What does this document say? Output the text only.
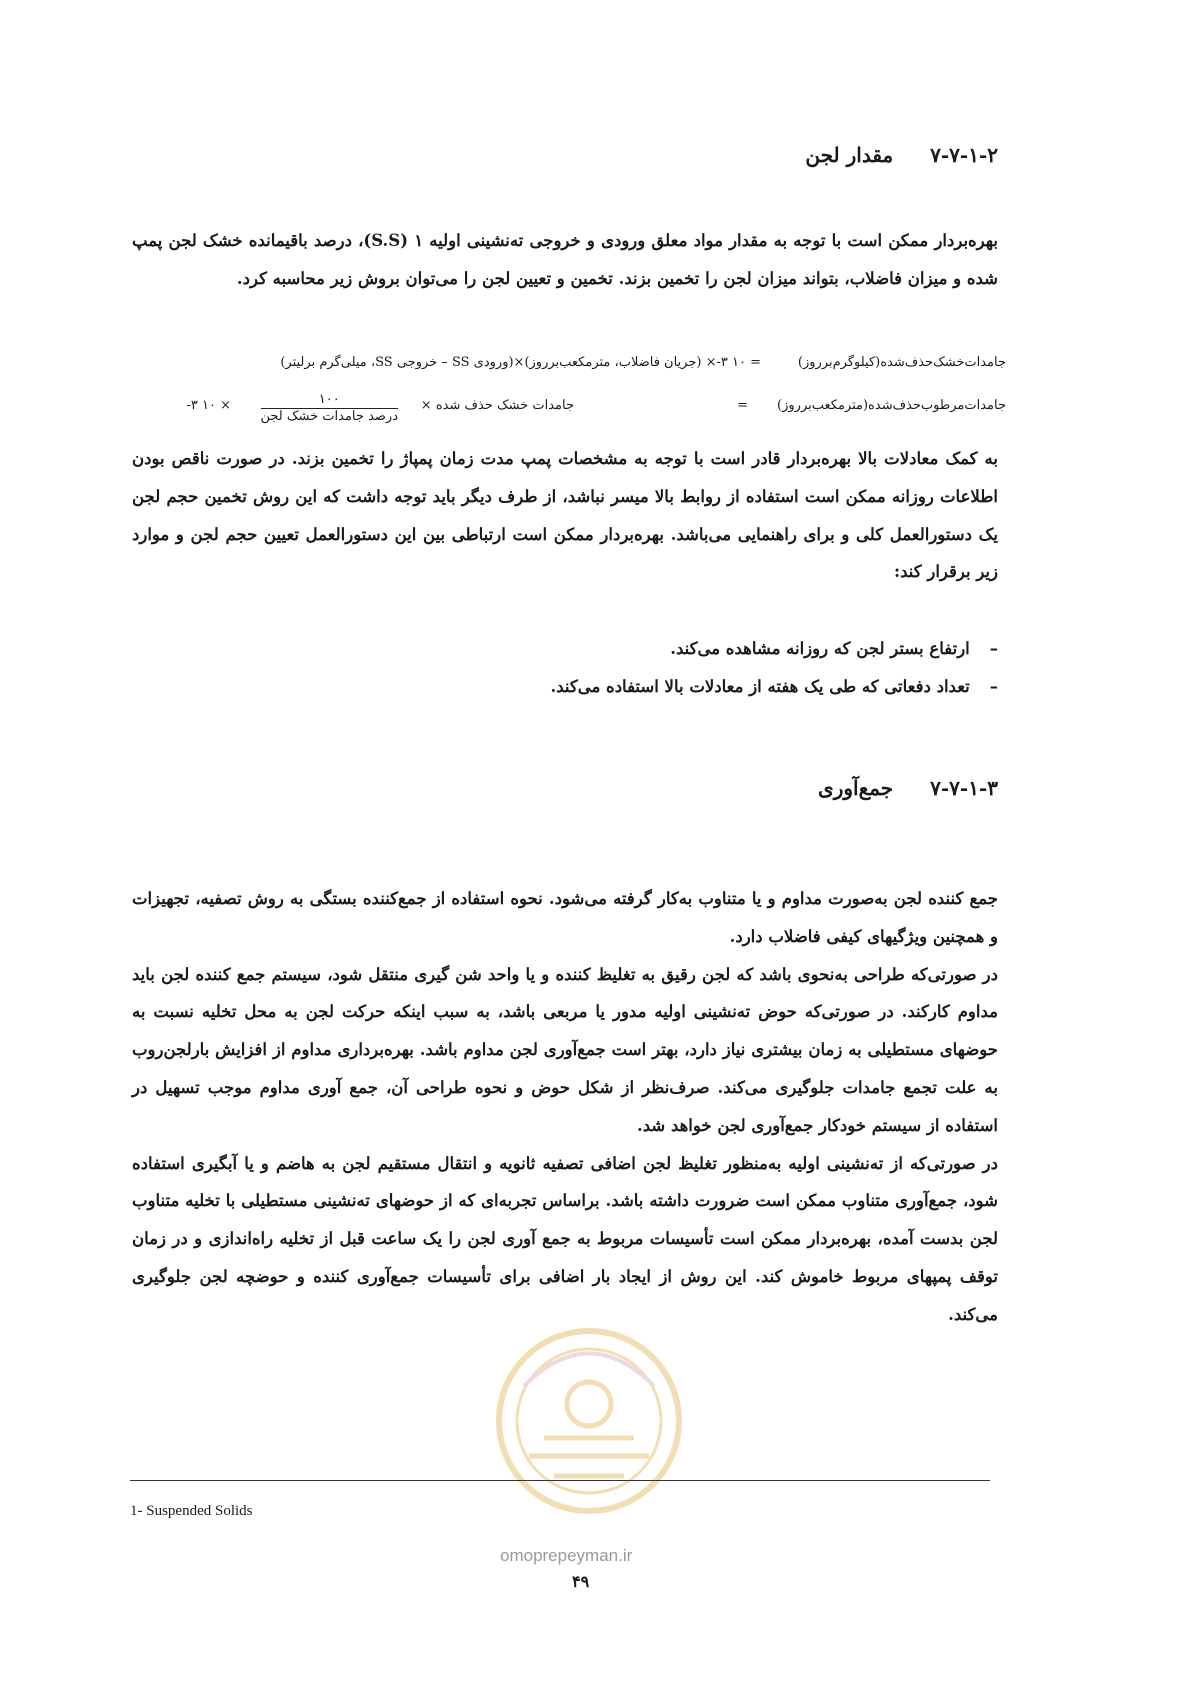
۷-۷-۱-۲ مقدار لجن

بهره‌بردار ممکن است با توجه به مقدار مواد معلق ورودی و خروجی ته‌نشینی اولیه ۱ (S.S)، درصد باقیمانده خشک لجن پمپ شده و میزان فاضلاب، بتواند میزان لجن را تخمین بزند. تخمین و تعیین لجن را می‌توان بروش زیر محاسبه کرد.

جامدات‌خشک‌حذف‌شده(کیلوگرم‌برروز)
= ۱۰ ‎‑۳× (جریان فاضلاب، مترمکعب‌برروز)×(ورودی SS – خروجی SS، میلی‌گرم برلیتر)
جامدات‌مرطوب‌حذف‌شده(مترمکعب‌برروز)
=
جامدات خشک حذف شده ×
۱۰۰
درصد جامدات خشک لجن
× ۱۰ ‎‑۳

به کمک معادلات بالا بهره‌بردار قادر است با توجه به مشخصات پمپ مدت زمان پمپاژ را تخمین بزند. در صورت ناقص بودن اطلاعات روزانه ممکن است استفاده از روابط بالا میسر نباشد، از طرف دیگر باید توجه داشت که این روش تخمین حجم لجن یک دستورالعمل کلی و برای راهنمایی می‌باشد. بهره‌بردار ممکن است ارتباطی بین این دستورالعمل تعیین حجم لجن و موارد زیر برقرار کند:

–ارتفاع بستر لجن که روزانه مشاهده می‌کند.
–تعداد دفعاتی که طی یک هفته از معادلات بالا استفاده می‌کند.
۷-۷-۱-۳ جمع‌آوری

جمع کننده لجن به‌صورت مداوم و یا متناوب به‌کار گرفته می‌شود. نحوه استفاده از جمع‌کننده بستگی به روش تصفیه، تجهیزات و همچنین ویژگیهای کیفی فاضلاب دارد.

در صورتی‌که طراحی به‌نحوی باشد که لجن رقیق به تغلیظ کننده و یا واحد شن گیری منتقل شود، سیستم جمع کننده لجن باید مداوم کارکند. در صورتی‌که حوض ته‌نشینی اولیه مدور یا مربعی باشد، به سبب اینکه حرکت لجن به محل تخلیه نسبت به حوضهای مستطیلی به زمان بیشتری نیاز دارد، بهتر است جمع‌آوری لجن مداوم باشد. بهره‌برداری مداوم از افزایش بارلجن‌روب به علت تجمع جامدات جلوگیری می‌کند. صرف‌نظر از شکل حوض و نحوه طراحی آن، جمع آوری مداوم موجب تسهیل در استفاده از سیستم خودکار جمع‌آوری لجن خواهد شد.

در صورتی‌که از ته‌نشینی اولیه به‌منظور تغلیظ لجن اضافی تصفیه ثانویه و انتقال مستقیم لجن به هاضم و یا آبگیری استفاده شود، جمع‌آوری متناوب ممکن است ضرورت داشته باشد. براساس تجربه‌ای که از حوضهای ته‌نشینی مستطیلی با تخلیه متناوب لجن بدست آمده، بهره‌بردار ممکن است تأسیسات مربوط به جمع آوری لجن را یک ساعت قبل از تخلیه راه‌اندازی و در زمان توقف پمپهای مربوط خاموش کند. این روش از ایجاد بار اضافی برای تأسیسات جمع‌آوری کننده و حوضچه لجن جلوگیری می‌کند.

1- Suspended Solids
omoprepeyman.ir
۴۹
